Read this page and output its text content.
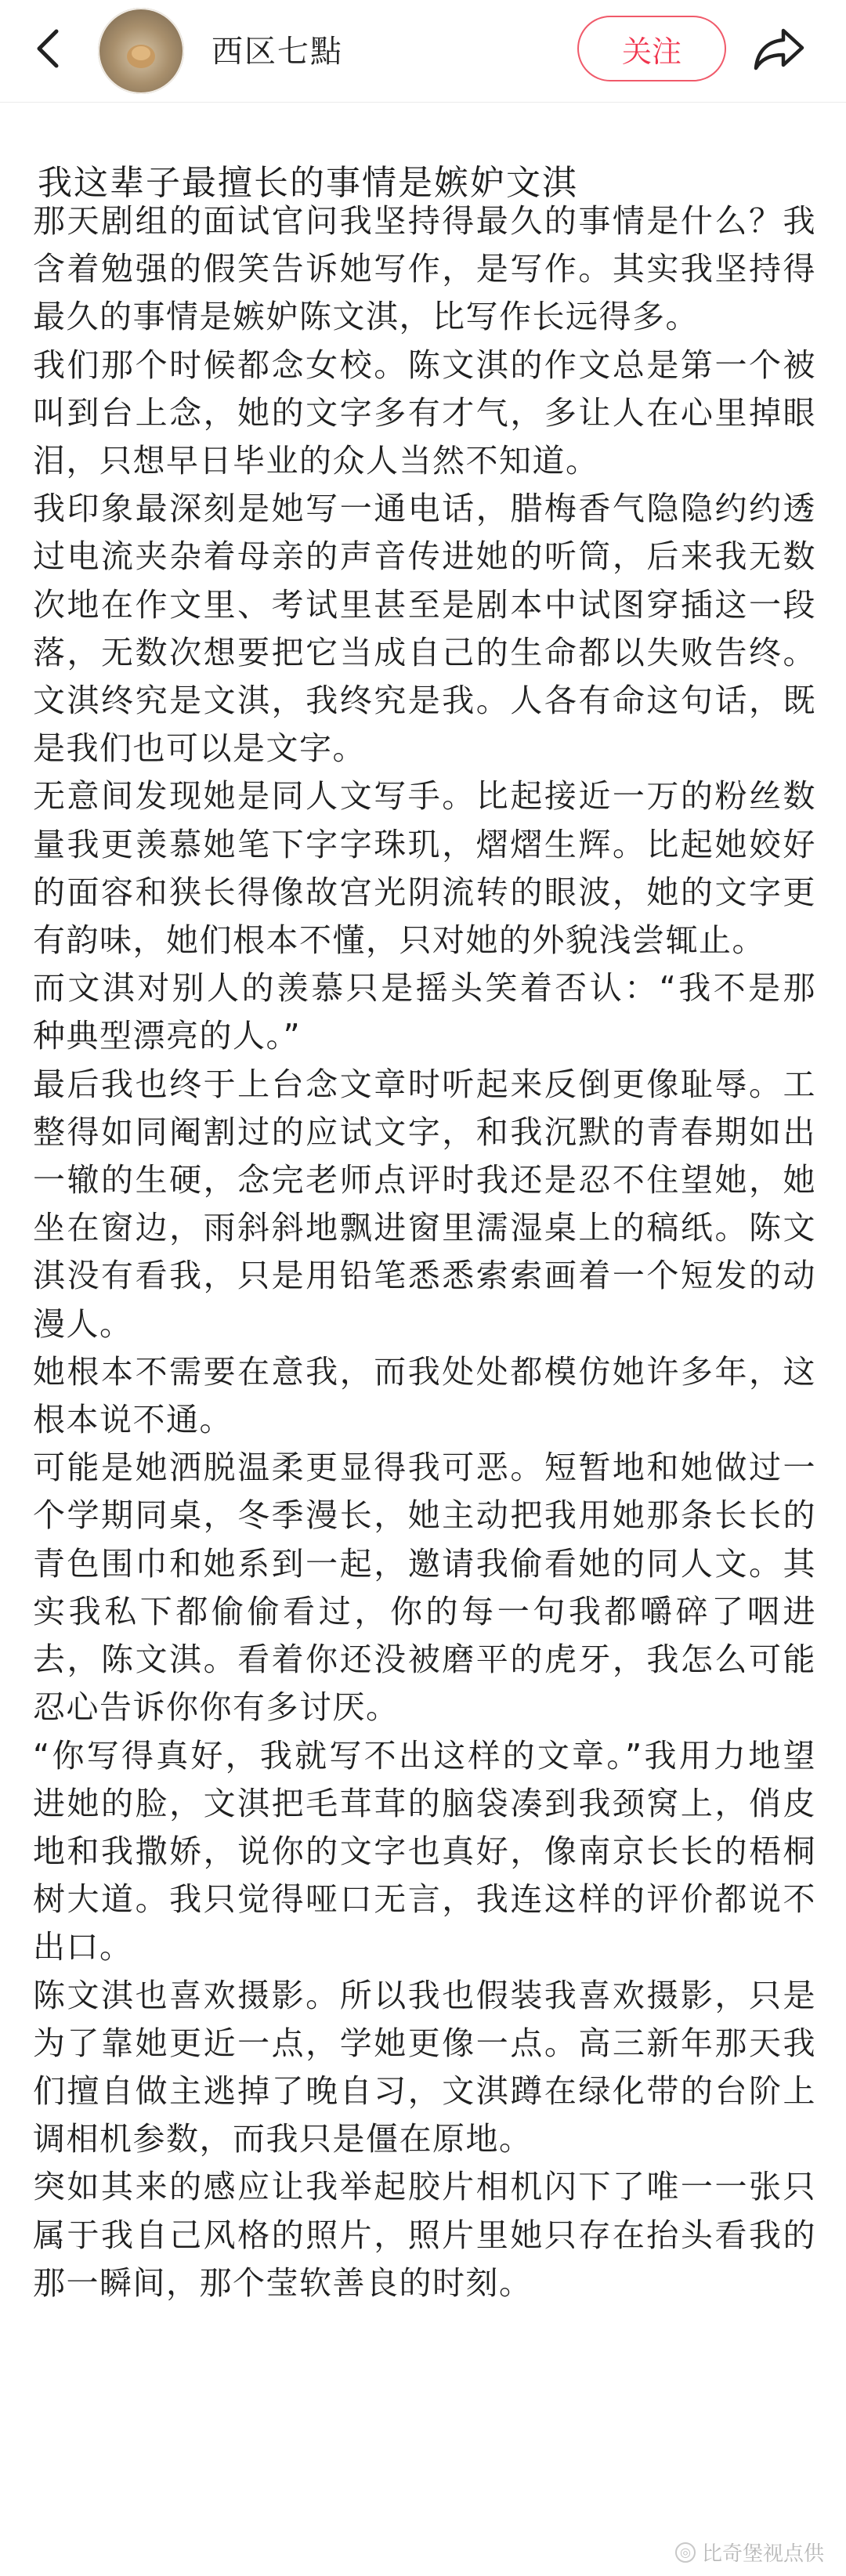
西区七點	关注
我这辈子最擅长的事情是嫉妒文淇

那天剧组的面试官问我坚持得最久的事情是什么？我含着勉强的假笑告诉她写作，是写作。其实我坚持得最久的事情是嫉妒陈文淇，比写作长远得多。

我们那个时候都念女校。陈文淇的作文总是第一个被叫到台上念，她的文字多有才气，多让人在心里掉眼泪，只想早日毕业的众人当然不知道。

我印象最深刻是她写一通电话，腊梅香气隐隐约约透过电流夹杂着母亲的声音传进她的听筒，后来我无数次地在作文里、考试里甚至是剧本中试图穿插这一段落，无数次想要把它当成自己的生命都以失败告终。文淇终究是文淇，我终究是我。人各有命这句话，既是我们也可以是文字。

无意间发现她是同人文写手。比起接近一万的粉丝数量我更羡慕她笔下字字珠玑，熠熠生辉。比起她姣好的面容和狭长得像故宫光阴流转的眼波，她的文字更有韵味，她们根本不懂，只对她的外貌浅尝辄止。

而文淇对别人的羡慕只是摇头笑着否认：“我不是那种典型漂亮的人。”

最后我也终于上台念文章时听起来反倒更像耻辱。工整得如同阉割过的应试文字，和我沉默的青春期如出一辙的生硬，念完老师点评时我还是忍不住望她，她坐在窗边，雨斜斜地飘进窗里濡湿桌上的稿纸。陈文淇没有看我，只是用铅笔悉悉索索画着一个短发的动漫人。

她根本不需要在意我，而我处处都模仿她许多年，这根本说不通。

可能是她洒脱温柔更显得我可恶。短暂地和她做过一个学期同桌，冬季漫长，她主动把我用她那条长长的青色围巾和她系到一起，邀请我偷看她的同人文。其实我私下都偷偷看过，你的每一句我都嚼碎了咽进去，陈文淇。看着你还没被磨平的虎牙，我怎么可能忍心告诉你你有多讨厌。

“你写得真好，我就写不出这样的文章。”我用力地望进她的脸，文淇把毛茸茸的脑袋凑到我颈窝上，俏皮地和我撒娇，说你的文字也真好，像南京长长的梧桐树大道。我只觉得哑口无言，我连这样的评价都说不出口。

陈文淇也喜欢摄影。所以我也假装我喜欢摄影，只是为了靠她更近一点，学她更像一点。高三新年那天我们擅自做主逃掉了晚自习，文淇蹲在绿化带的台阶上调相机参数，而我只是僵在原地。

突如其来的感应让我举起胶片相机闪下了唯一一张只属于我自己风格的照片，照片里她只存在抬头看我的那一瞬间，那个莹软善良的时刻。

◎ 比奇堡视点供
